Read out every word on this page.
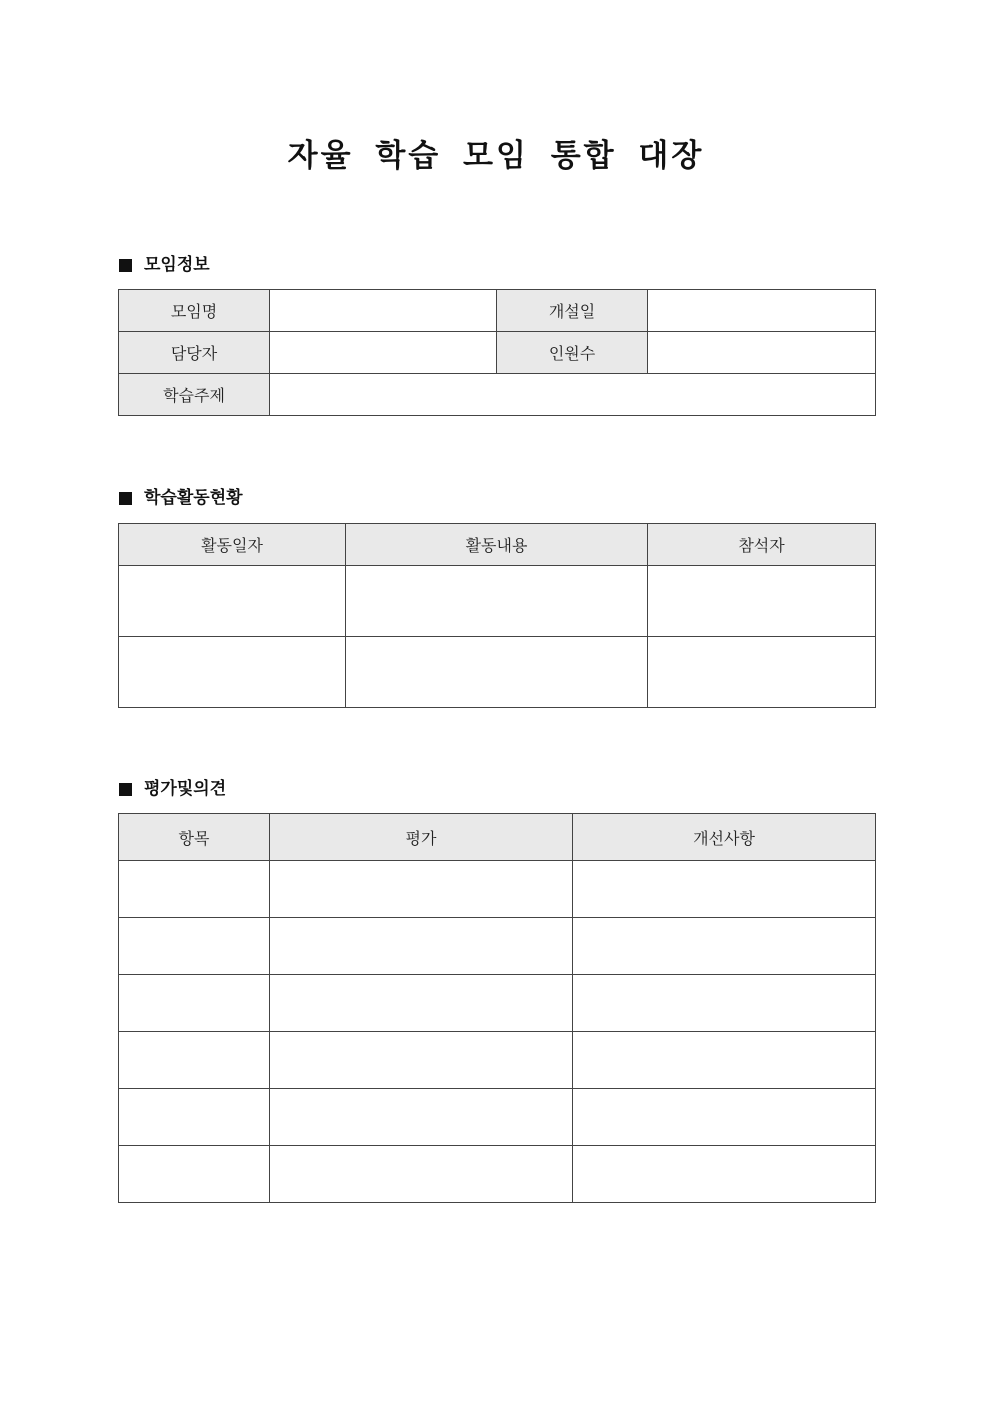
자율 학습 모임 통합 대장
모임정보
모임명		개설일	
담당자		인원수	
학습주제			
학습활동현황
활동일자	활동내용	참석자

평가및의견
항목	평가	개선사항
